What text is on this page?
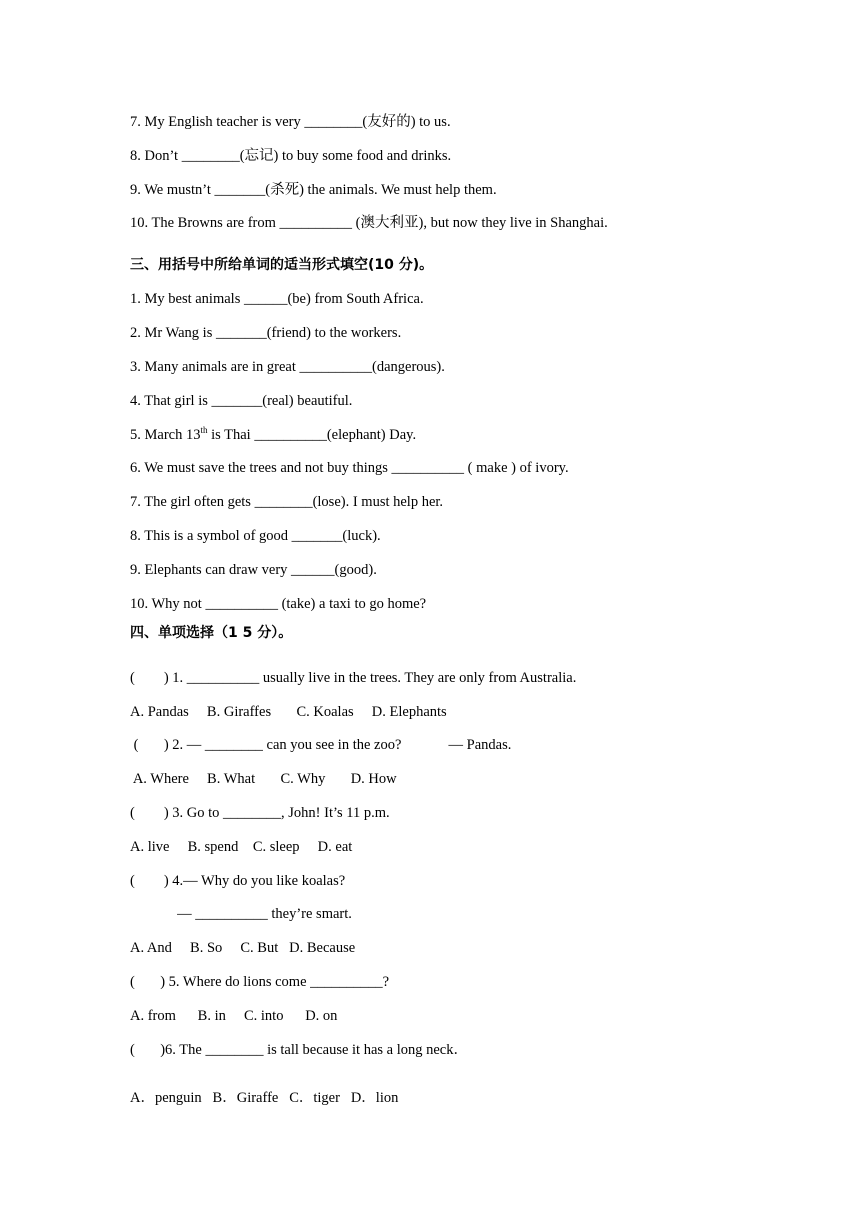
7. My English teacher is very ________(友好的) to us.
8. Don’t ________(忘记) to buy some food and drinks.
9. We mustn’t _______(杀死) the animals. We must help them.
10. The Browns are from __________ (澳大利亚), but now they live in Shanghai.
三、用括号中所给单词的适当形式填空(10 分)。
1. My best animals ______(be) from South Africa.
2. Mr Wang is _______(friend) to the workers.
3. Many animals are in great __________(dangerous).
4. That girl is _______(real) beautiful.
5. March 13th is Thai __________(elephant) Day.
6. We must save the trees and not buy things __________ ( make ) of ivory.
7. The girl often gets ________(lose). I must help her.
8. This is a symbol of good _______(luck).
9. Elephants can draw very ______(good).
10. Why not __________ (take) a taxi to go home?
四、单项选择（1 5 分）。
(        ) 1. __________ usually live in the trees. They are only from Australia.
A. Pandas     B. Giraffes       C. Koalas     D. Elephants
(       ) 2. — ________ can you see in the zoo?             — Pandas.
A. Where     B. What       C. Why       D. How
(        ) 3. Go to ________, John! It’s 11 p.m.
A. live     B. spend    C. sleep     D. eat
(        ) 4.— Why do you like koalas?
— __________ they’re smart.
A. And     B. So     C. But   D. Because
(       ) 5. Where do lions come __________?
A. from      B. in     C. into      D. on
(       )6. The ________ is tall because it has a long neck．
A．penguin   B．Giraffe   C．tiger   D．lion
